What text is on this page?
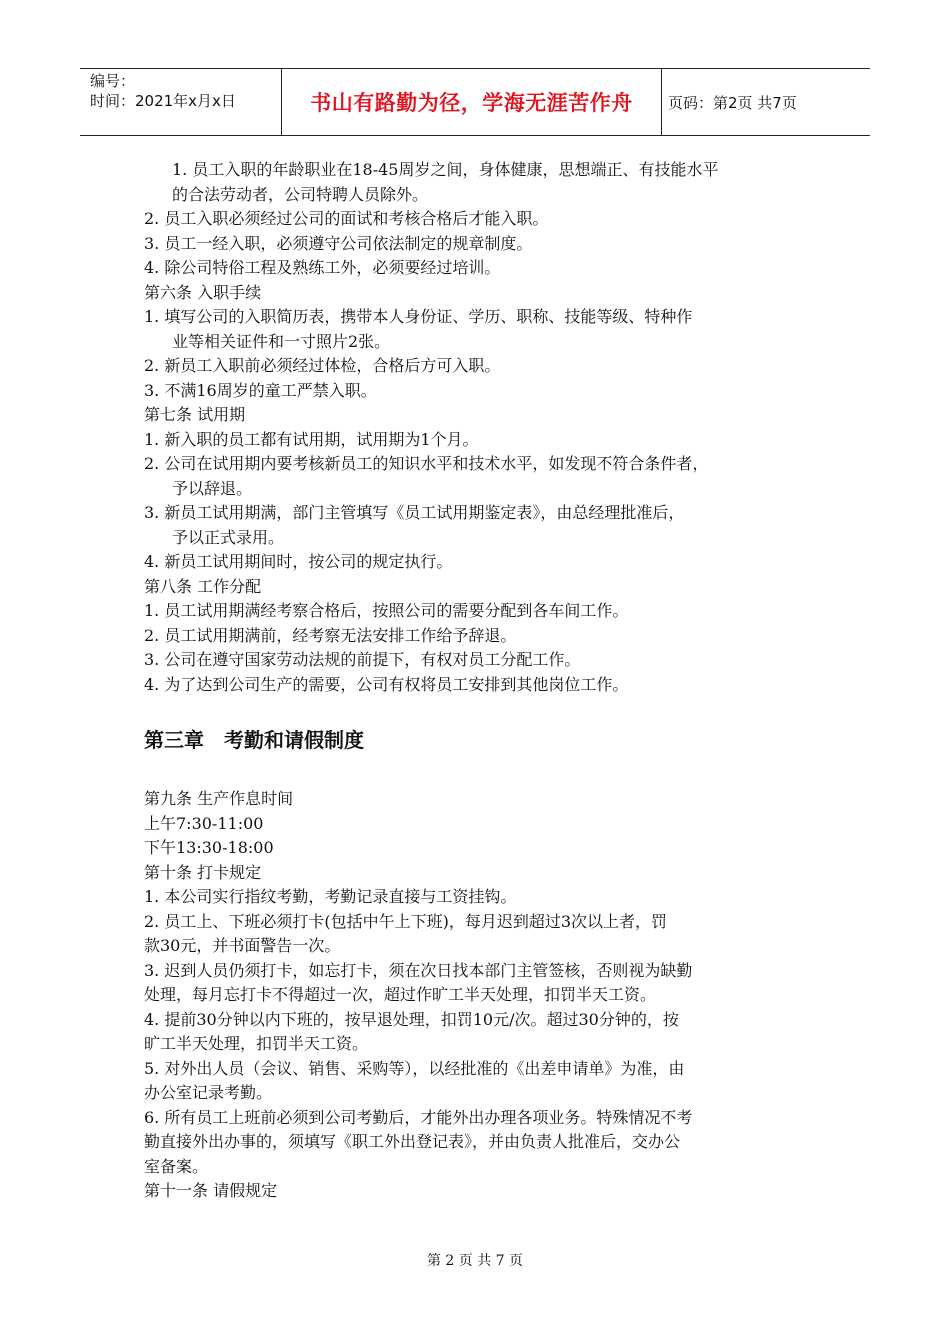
编号：
时间：2021年x月x日	书山有路勤为径，学海无涯苦作舟	页码：第2页 共7页
1. 员工入职的年龄职业在18-45周岁之间，身体健康，思想端正、有技能水平
的合法劳动者，公司特聘人员除外。
2. 员工入职必须经过公司的面试和考核合格后才能入职。
3. 员工一经入职，必须遵守公司依法制定的规章制度。
4. 除公司特俗工程及熟练工外，必须要经过培训。
第六条 入职手续
1. 填写公司的入职简历表，携带本人身份证、学历、职称、技能等级、特种作
业等相关证件和一寸照片2张。
2. 新员工入职前必须经过体检，合格后方可入职。
3. 不满16周岁的童工严禁入职。
第七条 试用期
1. 新入职的员工都有试用期，试用期为1个月。
2. 公司在试用期内要考核新员工的知识水平和技术水平，如发现不符合条件者，
予以辞退。
3. 新员工试用期满，部门主管填写《员工试用期鉴定表》，由总经理批准后，
予以正式录用。
4. 新员工试用期间时，按公司的规定执行。
第八条 工作分配
1. 员工试用期满经考察合格后，按照公司的需要分配到各车间工作。
2. 员工试用期满前，经考察无法安排工作给予辞退。
3. 公司在遵守国家劳动法规的前提下，有权对员工分配工作。
4. 为了达到公司生产的需要，公司有权将员工安排到其他岗位工作。
第三章　考勤和请假制度
第九条 生产作息时间
上午7:30-11:00
下午13:30-18:00
第十条 打卡规定
1. 本公司实行指纹考勤，考勤记录直接与工资挂钩。
2. 员工上、下班必须打卡(包括中午上下班)，每月迟到超过3次以上者，罚
款30元，并书面警告一次。
3. 迟到人员仍须打卡，如忘打卡，须在次日找本部门主管签核，否则视为缺勤
处理，每月忘打卡不得超过一次，超过作旷工半天处理，扣罚半天工资。
4. 提前30分钟以内下班的，按早退处理，扣罚10元/次。超过30分钟的，按
旷工半天处理，扣罚半天工资。
5. 对外出人员（会议、销售、采购等），以经批准的《出差申请单》为准，由
办公室记录考勤。
6. 所有员工上班前必须到公司考勤后，才能外出办理各项业务。特殊情况不考
勤直接外出办事的，须填写《职工外出登记表》，并由负责人批准后，交办公
室备案。
第十一条 请假规定
第 2 页 共 7 页
